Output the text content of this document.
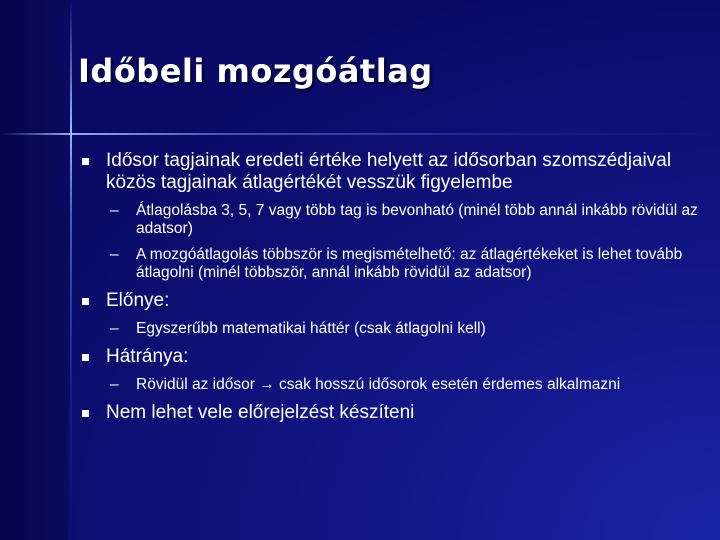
Időbeli mozgóátlag
Idősor tagjainak eredeti értéke helyett az idősorban szomszédjaival közös tagjainak átlagértékét vesszük figyelembe
– Átlagolásba 3, 5, 7 vagy több tag is bevonható (minél több annál inkább rövidül az adatsor)
– A mozgóátlagolás többször is megismételhető: az átlagértékeket is lehet tovább átlagolni (minél többször, annál inkább rövidül az adatsor)
Előnye:
– Egyszerűbb matematikai háttér (csak átlagolni kell)
Hátránya:
– Rövidül az idősor → csak hosszú idősorok esetén érdemes alkalmazni
Nem lehet vele előrejelzést készíteni
